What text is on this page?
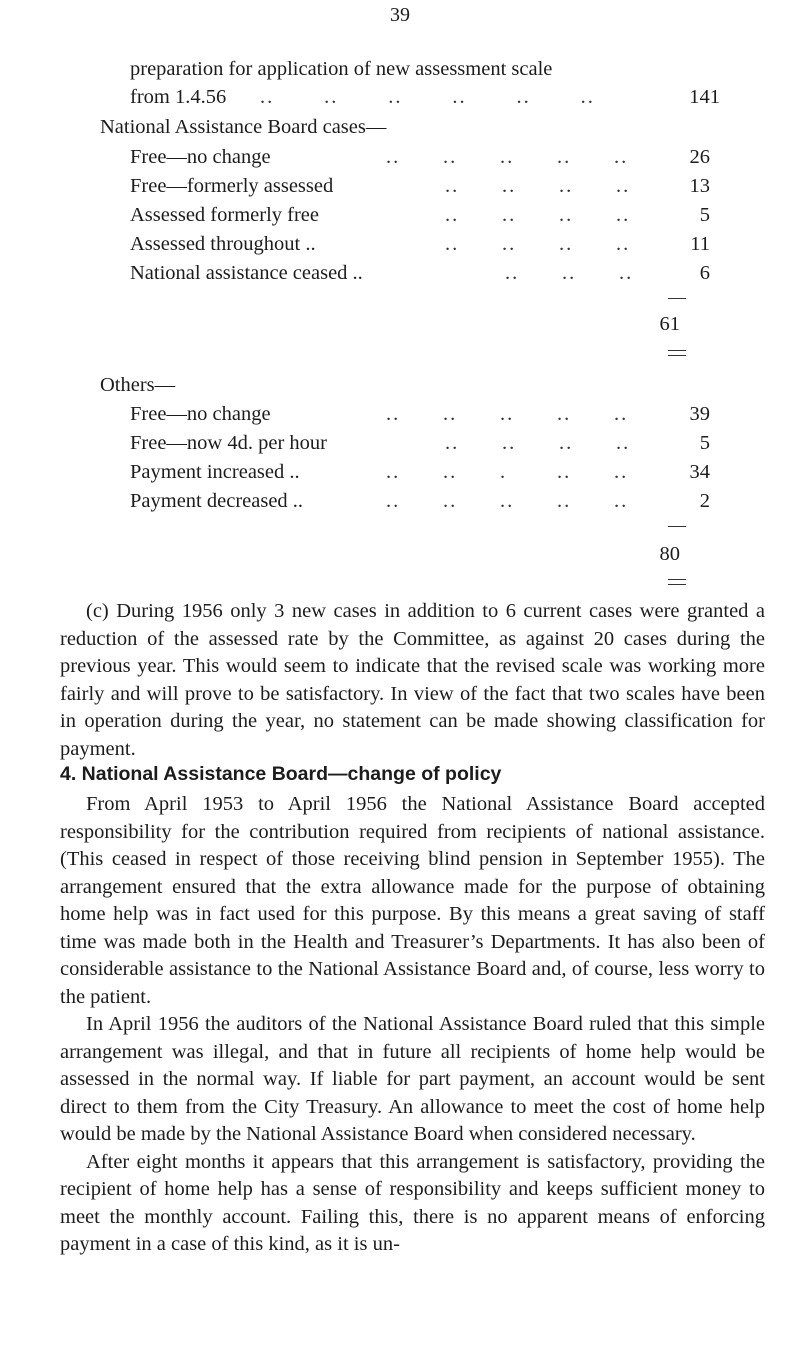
39
preparation for application of new assessment scale
from 1.4.56 ..       ..       ..       ..       ..       ..	141
National Assistance Board cases—
Free—no change	..      ..      ..      ..      ..	26
Free—formerly assessed	..      ..      ..      ..	13
Assessed formerly free	..      ..      ..      ..	5
Assessed throughout ..	..      ..      ..      ..	11
National assistance ceased ..	..      ..      ..	6
61
Others—
Free—no change	..      ..      ..      ..      ..	39
Free—now 4d. per hour	..      ..      ..      ..	5
Payment increased ..	..      ..      .       ..      ..	34
Payment decreased ..	..      ..      ..      ..      ..	2
80

(c) During 1956 only 3 new cases in addition to 6 current cases were granted a reduction of the assessed rate by the Committee, as against 20 cases during the previous year. This would seem to indicate that the revised scale was working more fairly and will prove to be satisfactory. In view of the fact that two scales have been in operation during the year, no statement can be made showing classification for payment.

4. National Assistance Board—change of policy

From April 1953 to April 1956 the National Assistance Board accepted responsibility for the contribution required from recipients of national assistance. (This ceased in respect of those receiving blind pension in September 1955). The arrangement ensured that the extra allowance made for the purpose of obtaining home help was in fact used for this purpose. By this means a great saving of staff time was made both in the Health and Treasurer’s Departments. It has also been of considerable assistance to the National Assistance Board and, of course, less worry to the patient.

In April 1956 the auditors of the National Assistance Board ruled that this simple arrangement was illegal, and that in future all recipients of home help would be assessed in the normal way. If liable for part payment, an account would be sent direct to them from the City Treasury. An allowance to meet the cost of home help would be made by the National Assistance Board when considered necessary.

After eight months it appears that this arrangement is satisfactory, providing the recipient of home help has a sense of responsibility and keeps sufficient money to meet the monthly account. Failing this, there is no apparent means of enforcing payment in a case of this kind, as it is un-
